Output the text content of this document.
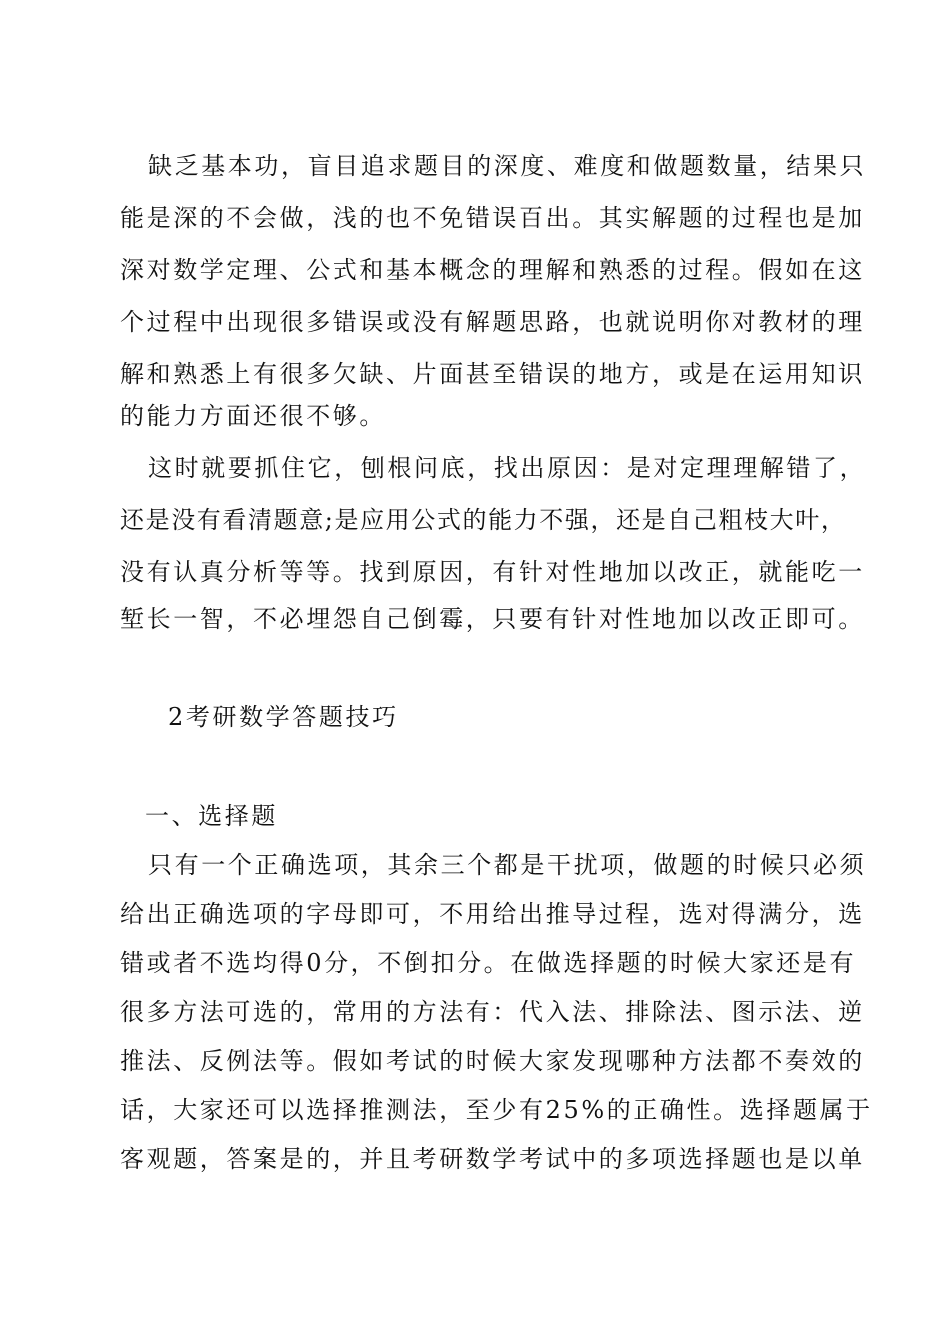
缺乏基本功，盲目追求题目的深度、难度和做题数量，结果只
能是深的不会做，浅的也不免错误百出。其实解题的过程也是加
深对数学定理、公式和基本概念的理解和熟悉的过程。假如在这
个过程中出现很多错误或没有解题思路，也就说明你对教材的理
解和熟悉上有很多欠缺、片面甚至错误的地方，或是在运用知识
的能力方面还很不够。
这时就要抓住它，刨根问底，找出原因：是对定理理解错了，
还是没有看清题意;是应用公式的能力不强，还是自己粗枝大叶，
没有认真分析等等。找到原因，有针对性地加以改正，就能吃一
堑长一智，不必埋怨自己倒霉，只要有针对性地加以改正即可。
2考研数学答题技巧
一、选择题
只有一个正确选项，其余三个都是干扰项，做题的时候只必须
给出正确选项的字母即可，不用给出推导过程，选对得满分，选
错或者不选均得0分，不倒扣分。在做选择题的时候大家还是有
很多方法可选的，常用的方法有：代入法、排除法、图示法、逆
推法、反例法等。假如考试的时候大家发现哪种方法都不奏效的
话，大家还可以选择推测法，至少有25%的正确性。选择题属于
客观题，答案是的，并且考研数学考试中的多项选择题也是以单
